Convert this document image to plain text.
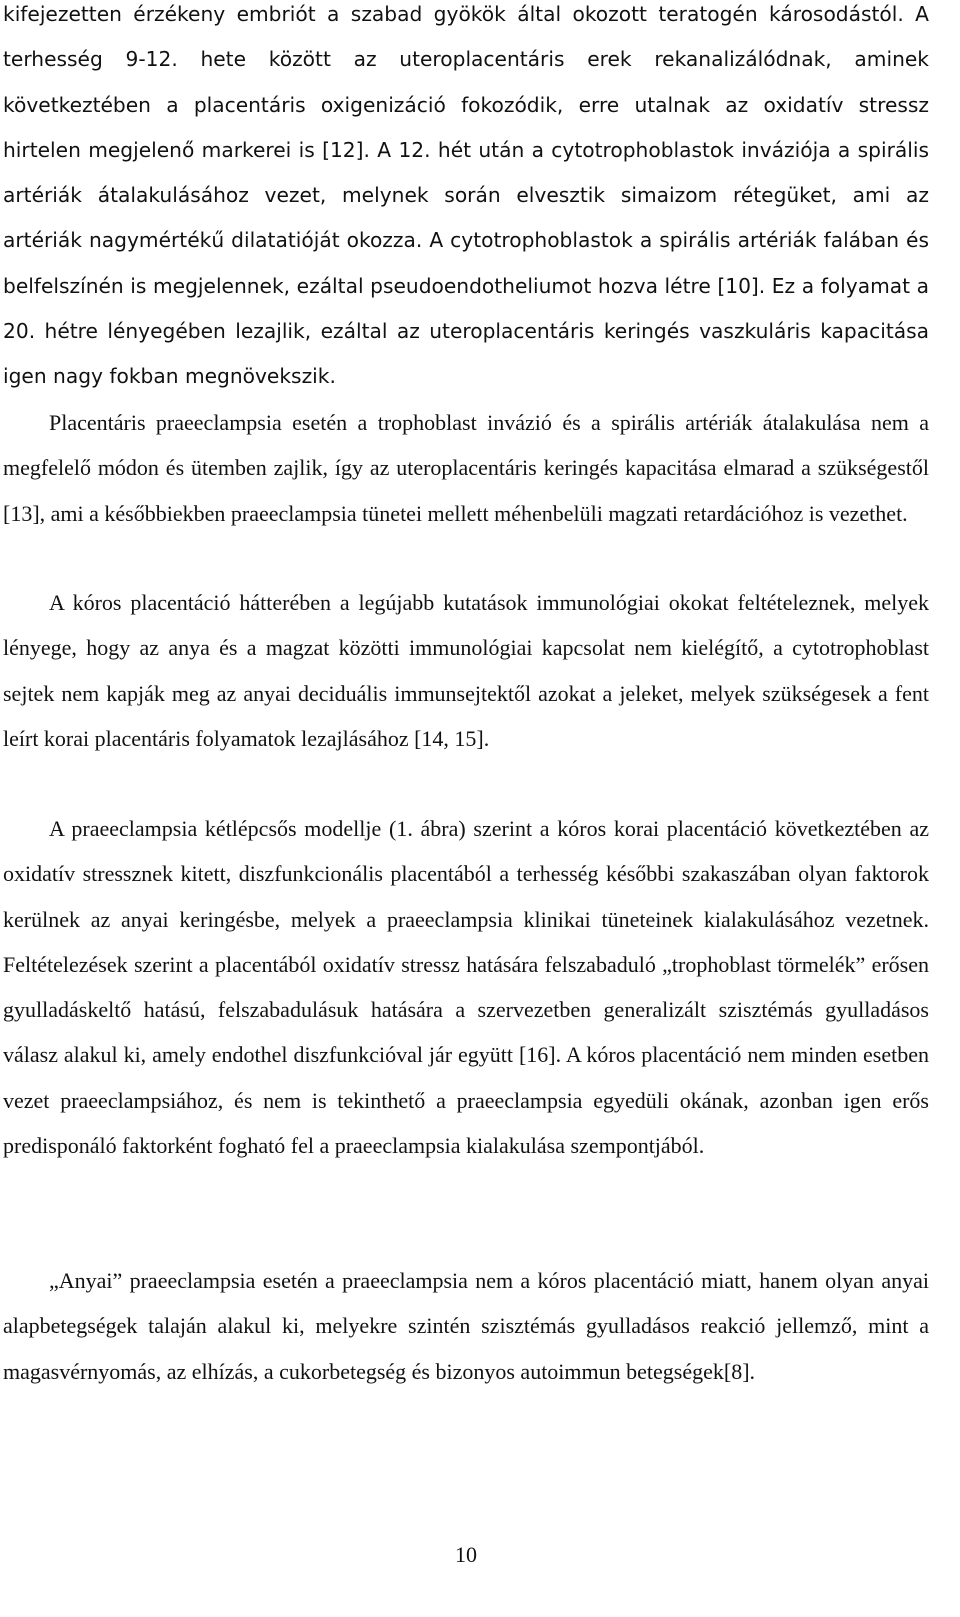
kifejezetten érzékeny embriót a szabad gyökök által okozott teratogén károsodástól. A terhesség 9-12. hete között az uteroplacentáris erek rekanalizálódnak, aminek következtében a placentáris oxigenizáció fokozódik, erre utalnak az oxidatív stressz hirtelen megjelenő markerei is [12]. A 12. hét után a cytotrophoblastok inváziója a spirális artériák átalakulásához vezet, melynek során elvesztik simaizom rétegüket, ami az artériák nagymértékű dilatatióját okozza. A cytotrophoblastok a spirális artériák falában és belfelszínén is megjelennek, ezáltal pseudoendotheliumot hozva létre [10]. Ez a folyamat a 20. hétre lényegében lezajlik, ezáltal az uteroplacentáris keringés vaszkuláris kapacitása igen nagy fokban megnövekszik.

Placentáris praeeclampsia esetén a trophoblast invázió és a spirális artériák átalakulása nem a megfelelő módon és ütemben zajlik, így az uteroplacentáris keringés kapacitása elmarad a szükségestől [13], ami a későbbiekben praeeclampsia tünetei mellett méhenbelüli magzati retardációhoz is vezethet.

A kóros placentáció hátterében a legújabb kutatások immunológiai okokat feltételeznek, melyek lényege, hogy az anya és a magzat közötti immunológiai kapcsolat nem kielégítő, a cytotrophoblast sejtek nem kapják meg az anyai deciduális immunsejtektől azokat a jeleket, melyek szükségesek a fent leírt korai placentáris folyamatok lezajlásához [14, 15].

A praeeclampsia kétlépcsős modellje (1. ábra) szerint a kóros korai placentáció következtében az oxidatív stressznek kitett, diszfunkcionális placentából a terhesség későbbi szakaszában olyan faktorok kerülnek az anyai keringésbe, melyek a praeeclampsia klinikai tüneteinek kialakulásához vezetnek. Feltételezések szerint a placentából oxidatív stressz hatására felszabaduló „trophoblast törmelék” erősen gyulladáskeltő hatású, felszabadulásuk hatására a szervezetben generalizált szisztémás gyulladásos válasz alakul ki, amely endothel diszfunkcióval jár együtt [16]. A kóros placentáció nem minden esetben vezet praeeclampsiához, és nem is tekinthető a praeeclampsia egyedüli okának, azonban igen erős predisponáló faktorként fogható fel a praeeclampsia kialakulása szempontjából.

„Anyai” praeeclampsia esetén a praeeclampsia nem a kóros placentáció miatt, hanem olyan anyai alapbetegségek talaján alakul ki, melyekre szintén szisztémás gyulladásos reakció jellemző, mint a magasvérnyomás, az elhízás, a cukorbetegség és bizonyos autoimmun betegségek[8].

10
